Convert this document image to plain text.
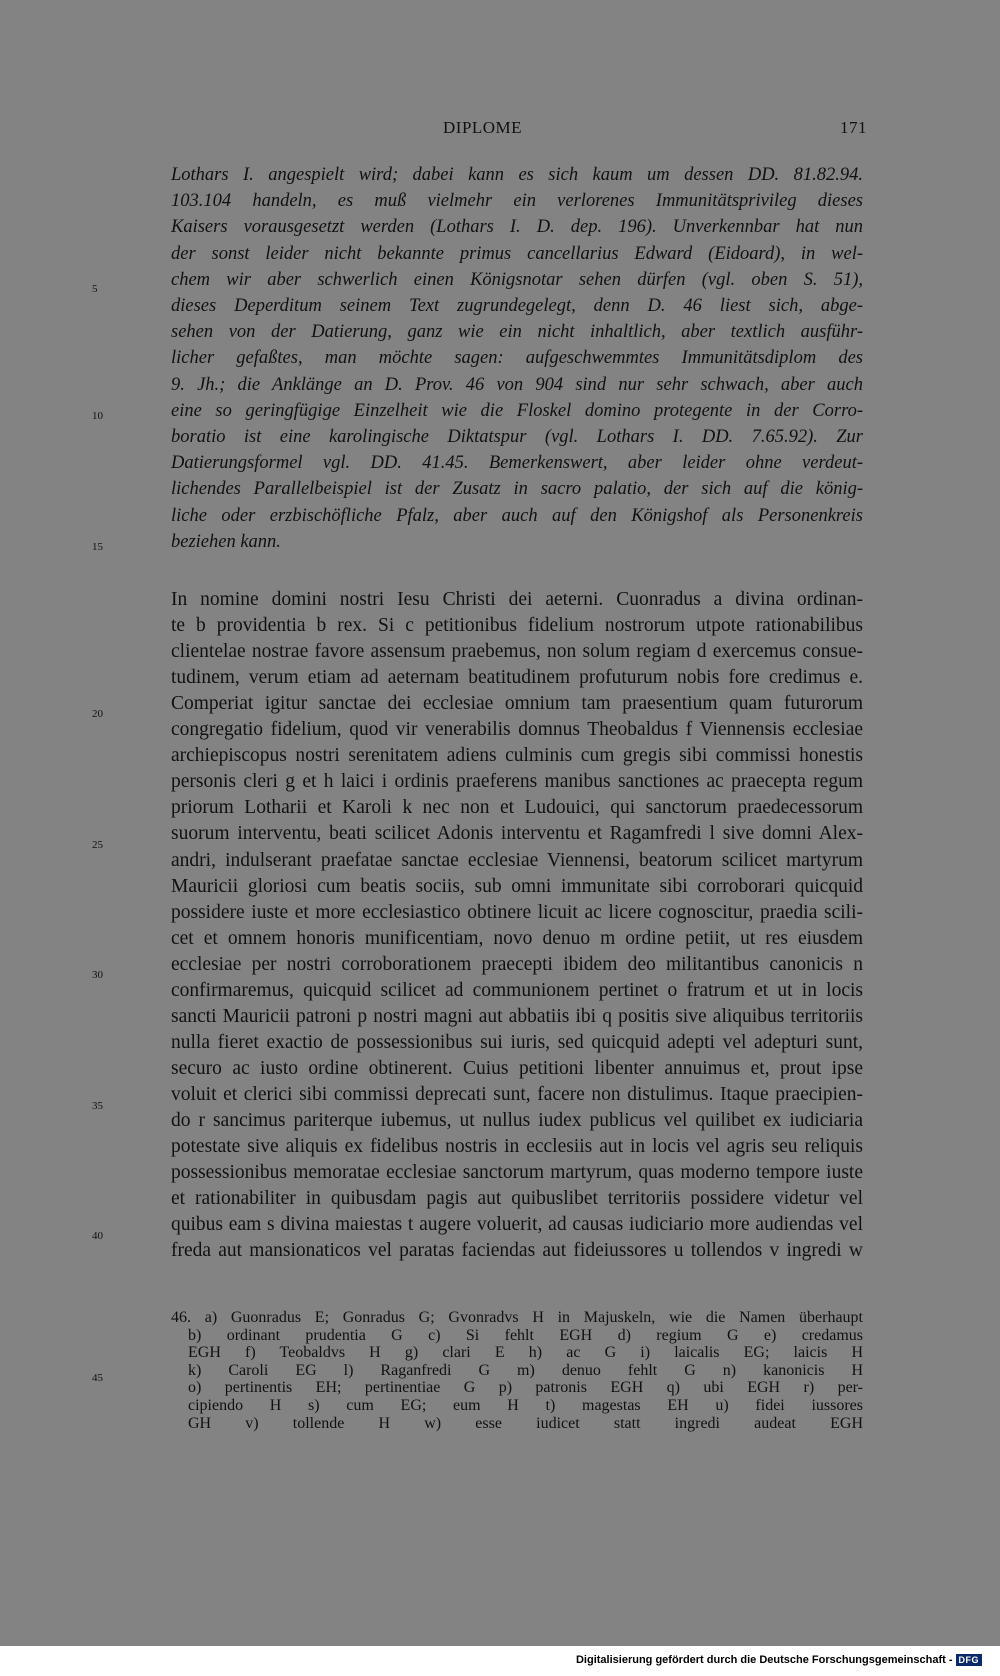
DIPLOME	171
Lothars I. angespielt wird; dabei kann es sich kaum um dessen DD. 81.82.94.
103.104 handeln, es muß vielmehr ein verlorenes Immunitätsprivileg dieses
Kaisers vorausgesetzt werden (Lothars I. D. dep. 196). Unverkennbar hat nun
der sonst leider nicht bekannte primus cancellarius Edward (Eidoard), in wel-
chem wir aber schwerlich einen Königsnotar sehen dürfen (vgl. oben S. 51),
dieses Deperditum seinem Text zugrundegelegt, denn D. 46 liest sich, abge-
sehen von der Datierung, ganz wie ein nicht inhaltlich, aber textlich ausführ-
licher gefaßtes, man möchte sagen: aufgeschwemmtes Immunitätsdiplom des
9. Jh.; die Anklänge an D. Prov. 46 von 904 sind nur sehr schwach, aber auch
eine so geringfügige Einzelheit wie die Floskel domino protegente in der Corro-
boratio ist eine karolingische Diktatspur (vgl. Lothars I. DD. 7.65.92). Zur
Datierungsformel vgl. DD. 41.45. Bemerkenswert, aber leider ohne verdeut-
lichendes Parallelbeispiel ist der Zusatz in sacro palatio, der sich auf die könig-
liche oder erzbischöfliche Pfalz, aber auch auf den Königshof als Personenkreis
beziehen kann.
In nomine domini nostri Iesu Christi dei aeterni. Cuonradus a divina ordinan-
te b providentia b rex. Si c petitionibus fidelium nostrorum utpote rationabilibus
clientelae nostrae favore assensum praebemus, non solum regiam d exercemus consue-
tudinem, verum etiam ad aeternam beatitudinem profuturum nobis fore credimus e.
Comperiat igitur sanctae dei ecclesiae omnium tam praesentium quam futurorum
congregatio fidelium, quod vir venerabilis domnus Theobaldus f Viennensis ecclesiae
archiepiscopus nostri serenitatem adiens culminis cum gregis sibi commissi honestis
personis cleri g et h laici i ordinis praeferens manibus sanctiones ac praecepta regum
priorum Lotharii et Karoli k nec non et Ludouici, qui sanctorum praedecessorum
suorum interventu, beati scilicet Adonis interventu et Ragamfredi l sive domni Alex-
andri, indulserant praefatae sanctae ecclesiae Viennensi, beatorum scilicet martyrum
Mauricii gloriosi cum beatis sociis, sub omni immunitate sibi corroborari quicquid
possidere iuste et more ecclesiastico obtinere licuit ac licere cognoscitur, praedia scili-
cet et omnem honoris munificentiam, novo denuo m ordine petiit, ut res eiusdem
ecclesiae per nostri corroborationem praecepti ibidem deo militantibus canonicis n
confirmaremus, quicquid scilicet ad communionem pertinet o fratrum et ut in locis
sancti Mauricii patroni p nostri magni aut abbatiis ibi q positis sive aliquibus territoriis
nulla fieret exactio de possessionibus sui iuris, sed quicquid adepti vel adepturi sunt,
securo ac iusto ordine obtinerent. Cuius petitioni libenter annuimus et, prout ipse
voluit et clerici sibi commissi deprecati sunt, facere non distulimus. Itaque praecipien-
do r sancimus pariterque iubemus, ut nullus iudex publicus vel quilibet ex iudiciaria
potestate sive aliquis ex fidelibus nostris in ecclesiis aut in locis vel agris seu reliquis
possessionibus memoratae ecclesiae sanctorum martyrum, quas moderno tempore iuste
et rationabiliter in quibusdam pagis aut quibuslibet territoriis possidere videtur vel
quibus eam s divina maiestas t augere voluerit, ad causas iudiciario more audiendas vel
freda aut mansionaticos vel paratas faciendas aut fideiussores u tollendos v ingredi w
46. a) Guonradus E; Gonradus G; Gvonradvs H in Majuskeln, wie die Namen überhaupt
b) ordinant prudentia G c) Si fehlt EGH d) regium G e) credamus
EGH f) Teobaldvs H g) clari E h) ac G i) laicalis EG; laicis H
k) Caroli EG l) Raganfredi G m) denuo fehlt G n) kanonicis H
o) pertinentis EH; pertinentiae G p) patronis EGH q) ubi EGH r) per-
cipiendo H s) cum EG; eum H t) magestas EH u) fidei iussores
GH v) tollende H w) esse iudicet statt ingredi audeat EGH
5
10
15
20
25
30
35
40
45
Digitalisierung gefördert durch die Deutsche Forschungsgemeinschaft - DFG
